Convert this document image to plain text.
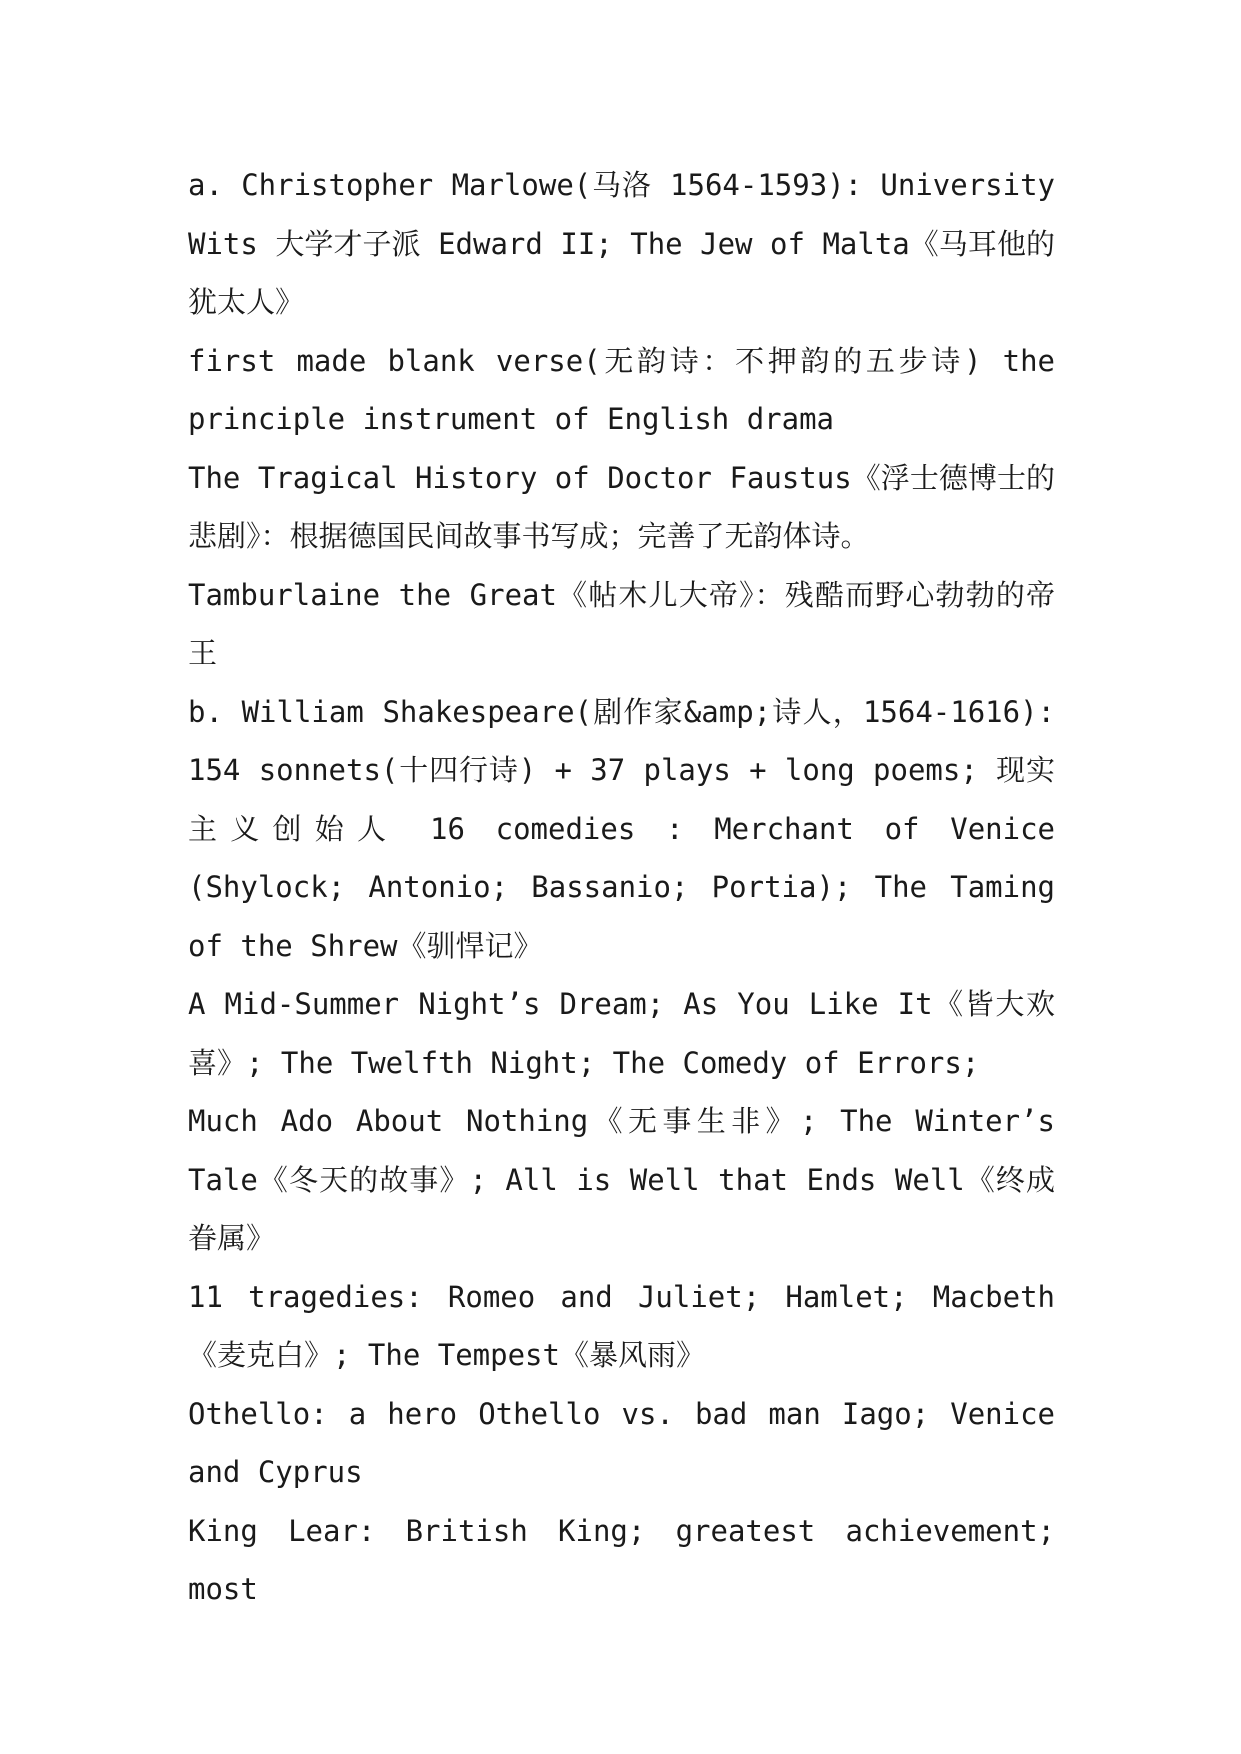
a. Christopher Marlowe(马洛 1564-1593): University Wits 大学才子派 Edward II; The Jew of Malta《马耳他的犹太人》

first made blank verse(无韵诗：不押韵的五步诗) the principle instrument of English drama

The Tragical History of Doctor Faustus《浮士德博士的悲剧》：根据德国民间故事书写成；完善了无韵体诗。

Tamburlaine the Great《帖木儿大帝》：残酷而野心勃勃的帝王

b. William Shakespeare(剧作家&amp;诗人，1564-1616): 154 sonnets(十四行诗) + 37 plays + long poems; 现实主义创始人 16 comedies : Merchant of Venice (Shylock; Antonio; Bassanio; Portia); The Taming of the Shrew《驯悍记》

A Mid-Summer Night’s Dream; As You Like It《皆大欢喜》; The Twelfth Night; The Comedy of Errors;

Much Ado About Nothing《无事生非》; The Winter’s Tale《冬天的故事》; All is Well that Ends Well《终成眷属》

11 tragedies: Romeo and Juliet; Hamlet; Macbeth《麦克白》; The Tempest《暴风雨》

Othello: a hero Othello vs. bad man Iago; Venice and Cyprus

King Lear: British King; greatest achievement; most
